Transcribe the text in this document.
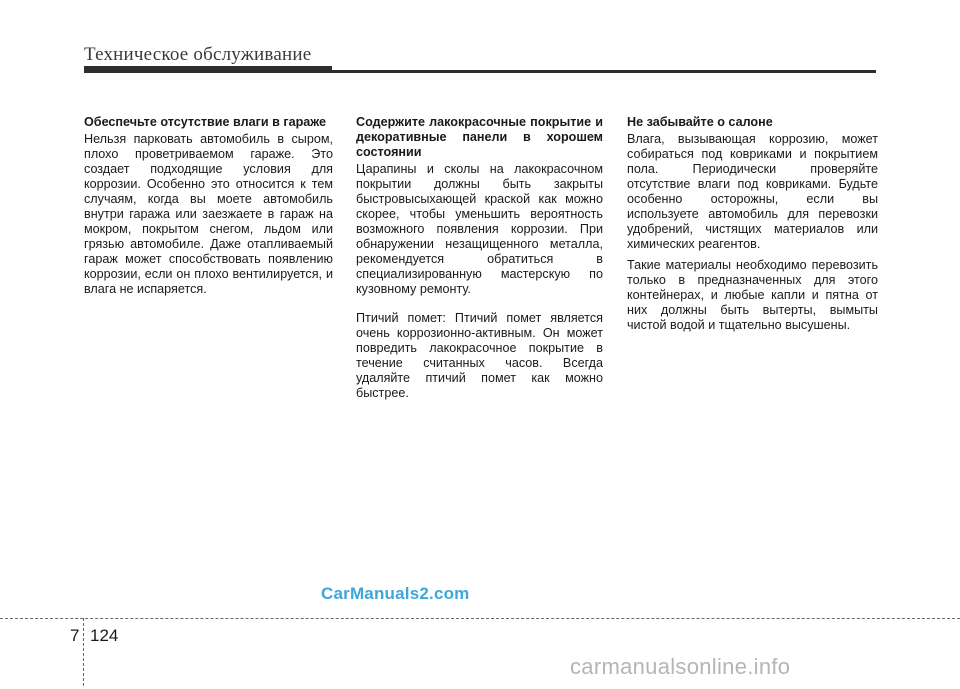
Техническое обслуживание
Обеспечьте отсутствие влаги в гараже

Нельзя парковать автомобиль в сыром, плохо проветриваемом гараже. Это создает подходящие условия для коррозии. Особенно это относится к тем случаям, когда вы моете автомобиль внутри гаража или заезжаете в гараж на мокром, покрытом снегом, льдом или грязью автомобиле. Даже отапливаемый гараж может способствовать появлению коррозии, если он плохо вентилируется, и влага не испаряется.

Содержите лакокрасочные покрытие и декоративные панели в хорошем состоянии

Царапины и сколы на лакокрасочном покрытии должны быть закрыты быстровысыхающей краской как можно скорее, чтобы уменьшить вероятность возможного появления коррозии. При обнаружении незащищенного металла, рекомендуется обратиться в специализированную мастерскую по кузовному ремонту.

Птичий помет: Птичий помет является очень коррозионно-активным. Он может повредить лакокрасочное покрытие в течение считанных часов. Всегда удаляйте птичий помет как можно быстрее.

Не забывайте о салоне

Влага, вызывающая коррозию, может собираться под ковриками и покрытием пола. Периодически проверяйте отсутствие влаги под ковриками. Будьте особенно осторожны, если вы используете автомобиль для перевозки удобрений, чистящих материалов или химических реагентов.

Такие материалы необходимо перевозить только в предназначенных для этого контейнерах, и любые капли и пятна от них должны быть вытерты, вымыты чистой водой и тщательно высушены.

CarManuals2.com
7 124
carmanualsonline.info
